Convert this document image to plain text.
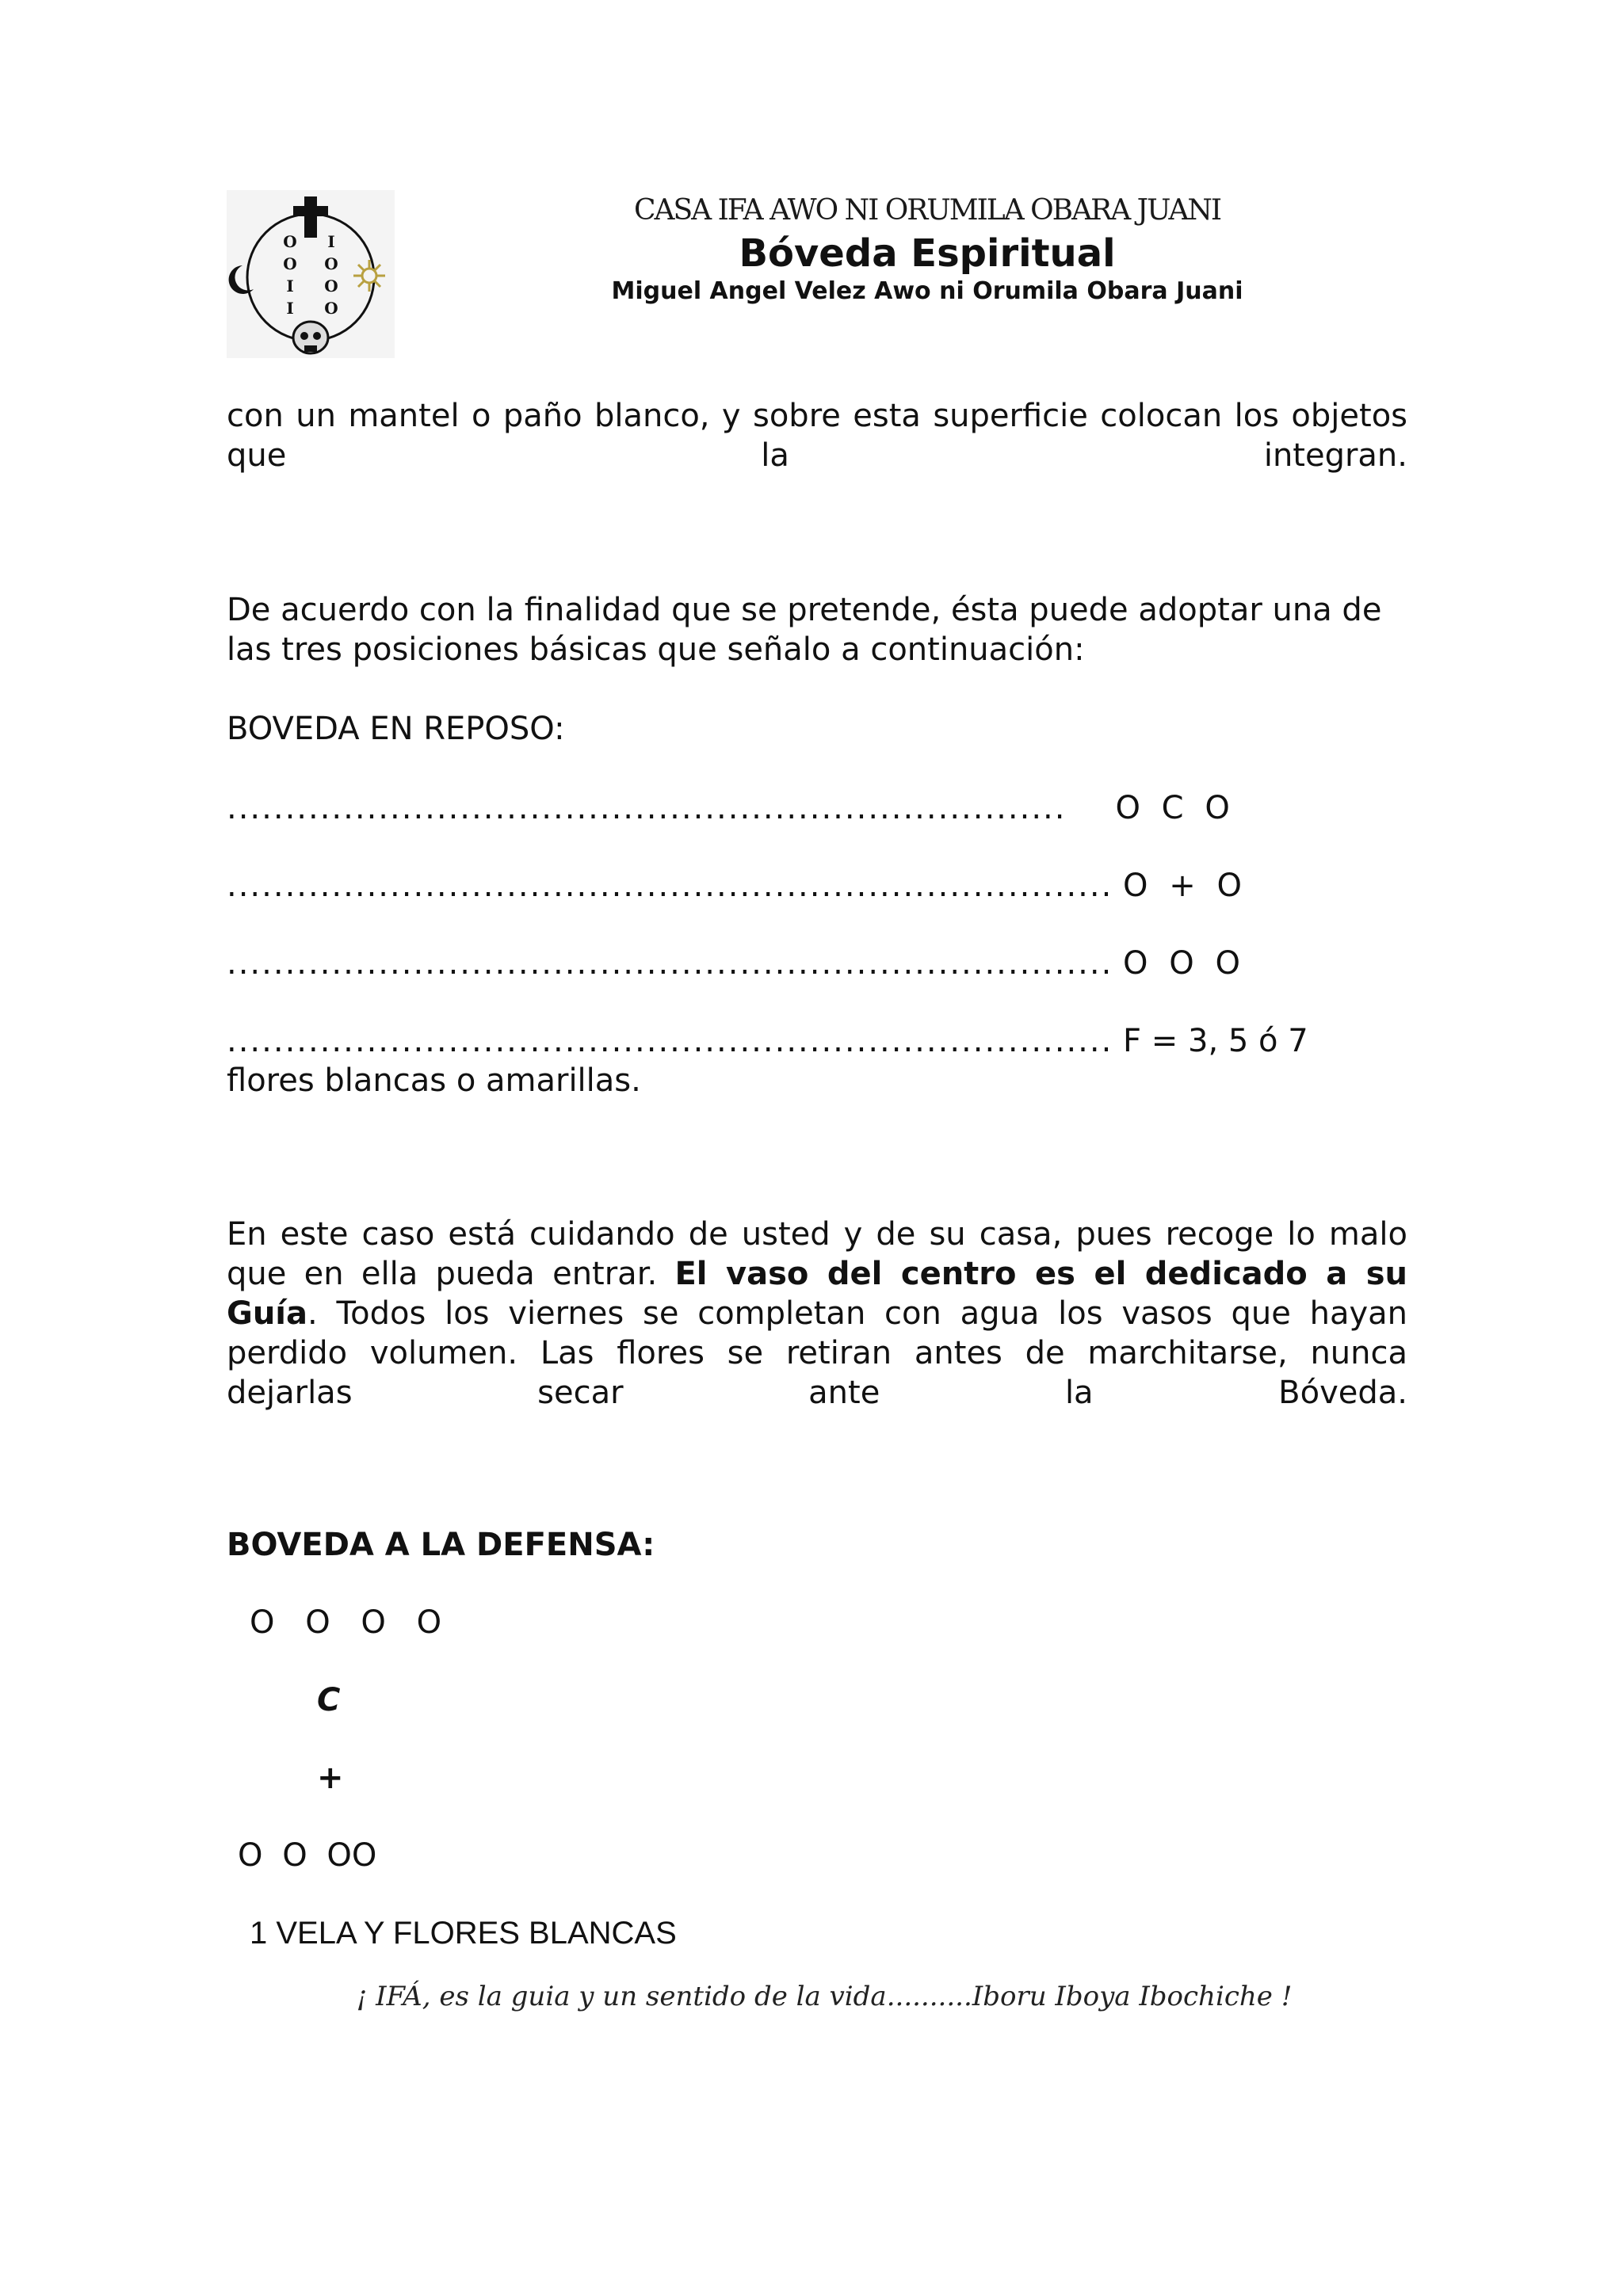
O
O
I
I
I
O
O
O
CASA IFA AWO NI ORUMILA OBARA JUANI
Bóveda Espiritual
Miguel Angel Velez Awo ni Orumila Obara Juani
con un mantel o paño blanco, y sobre esta superficie colocan los objetos
que la integran.
De acuerdo con la finalidad que se pretende, ésta puede adoptar una de las tres posiciones básicas que señalo a continuación:
BOVEDA EN REPOSO:
........................................................................ O C O
............................................................................ O + O
............................................................................ O O O
............................................................................ F = 3, 5 ó 7
flores blancas o amarillas.
En este caso está cuidando de usted y de su casa, pues recoge lo malo
que en ella pueda entrar. El vaso del centro es el dedicado a su
Guía. Todos los viernes se completan con agua los vasos que hayan
perdido volumen. Las flores se retiran antes de marchitarse, nunca
dejarlas secar ante la Bóveda.
BOVEDA A LA DEFENSA:
O O O O
C
+
O O OO
1 VELA Y FLORES BLANCAS
¡ IFÁ, es la guia y un sentido de la vida..........Iboru Iboya Ibochiche !
